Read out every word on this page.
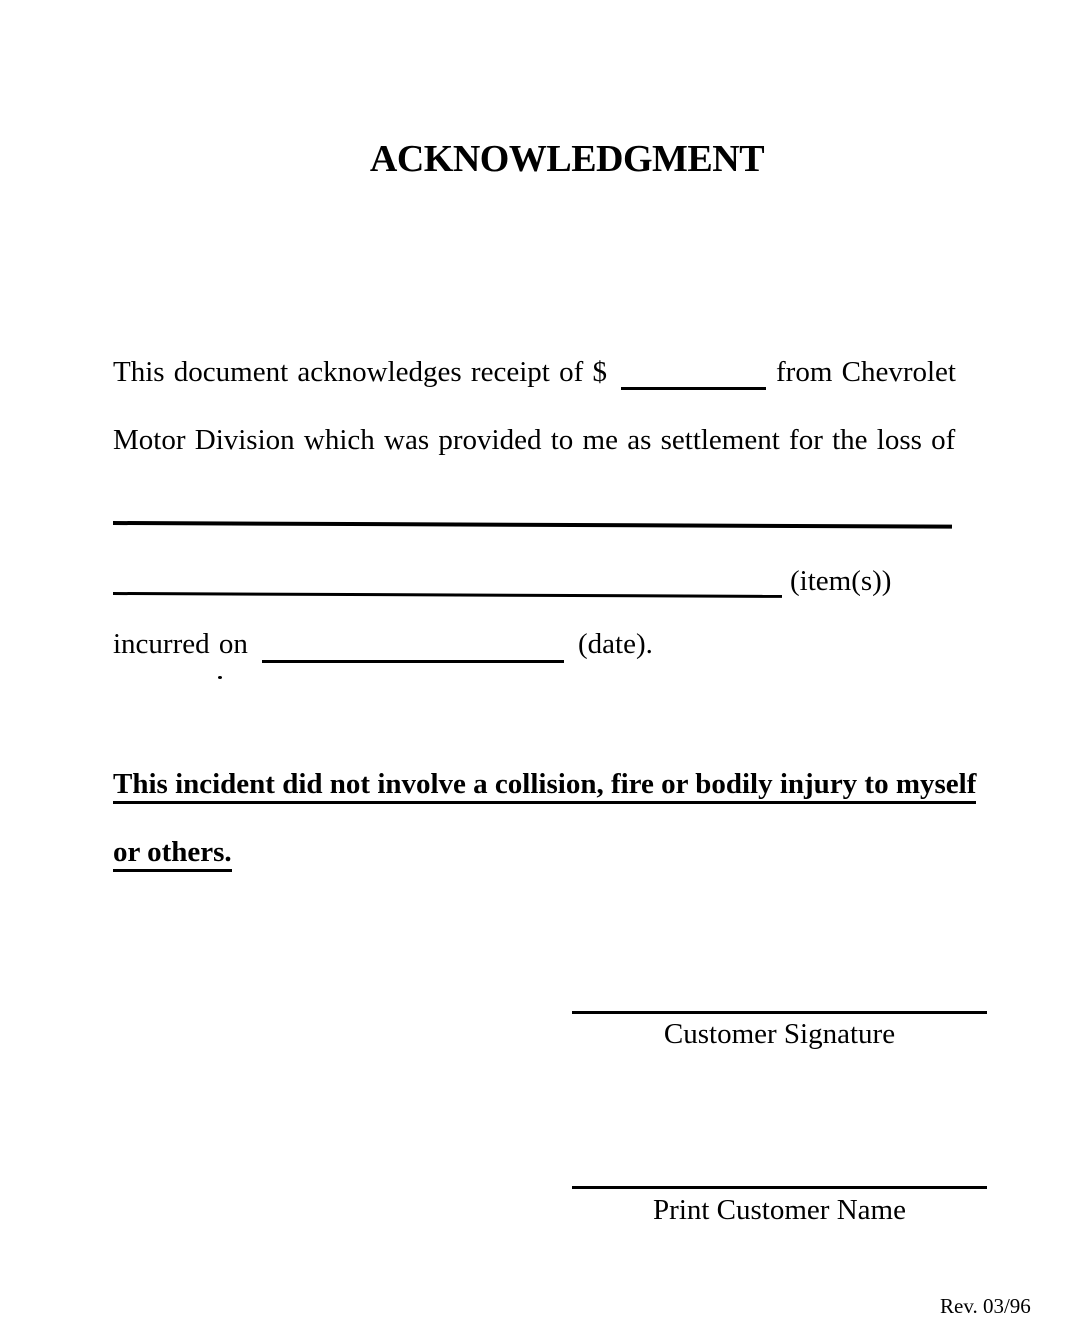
ACKNOWLEDGMENT
This document acknowledges receipt of $	from Chevrolet
Motor Division which was provided to me as settlement for the loss of
(item(s))
incurred on	(date).
This incident did not involve a collision, fire or bodily injury to myself
or others.
Customer Signature
Print Customer Name
Rev. 03/96
